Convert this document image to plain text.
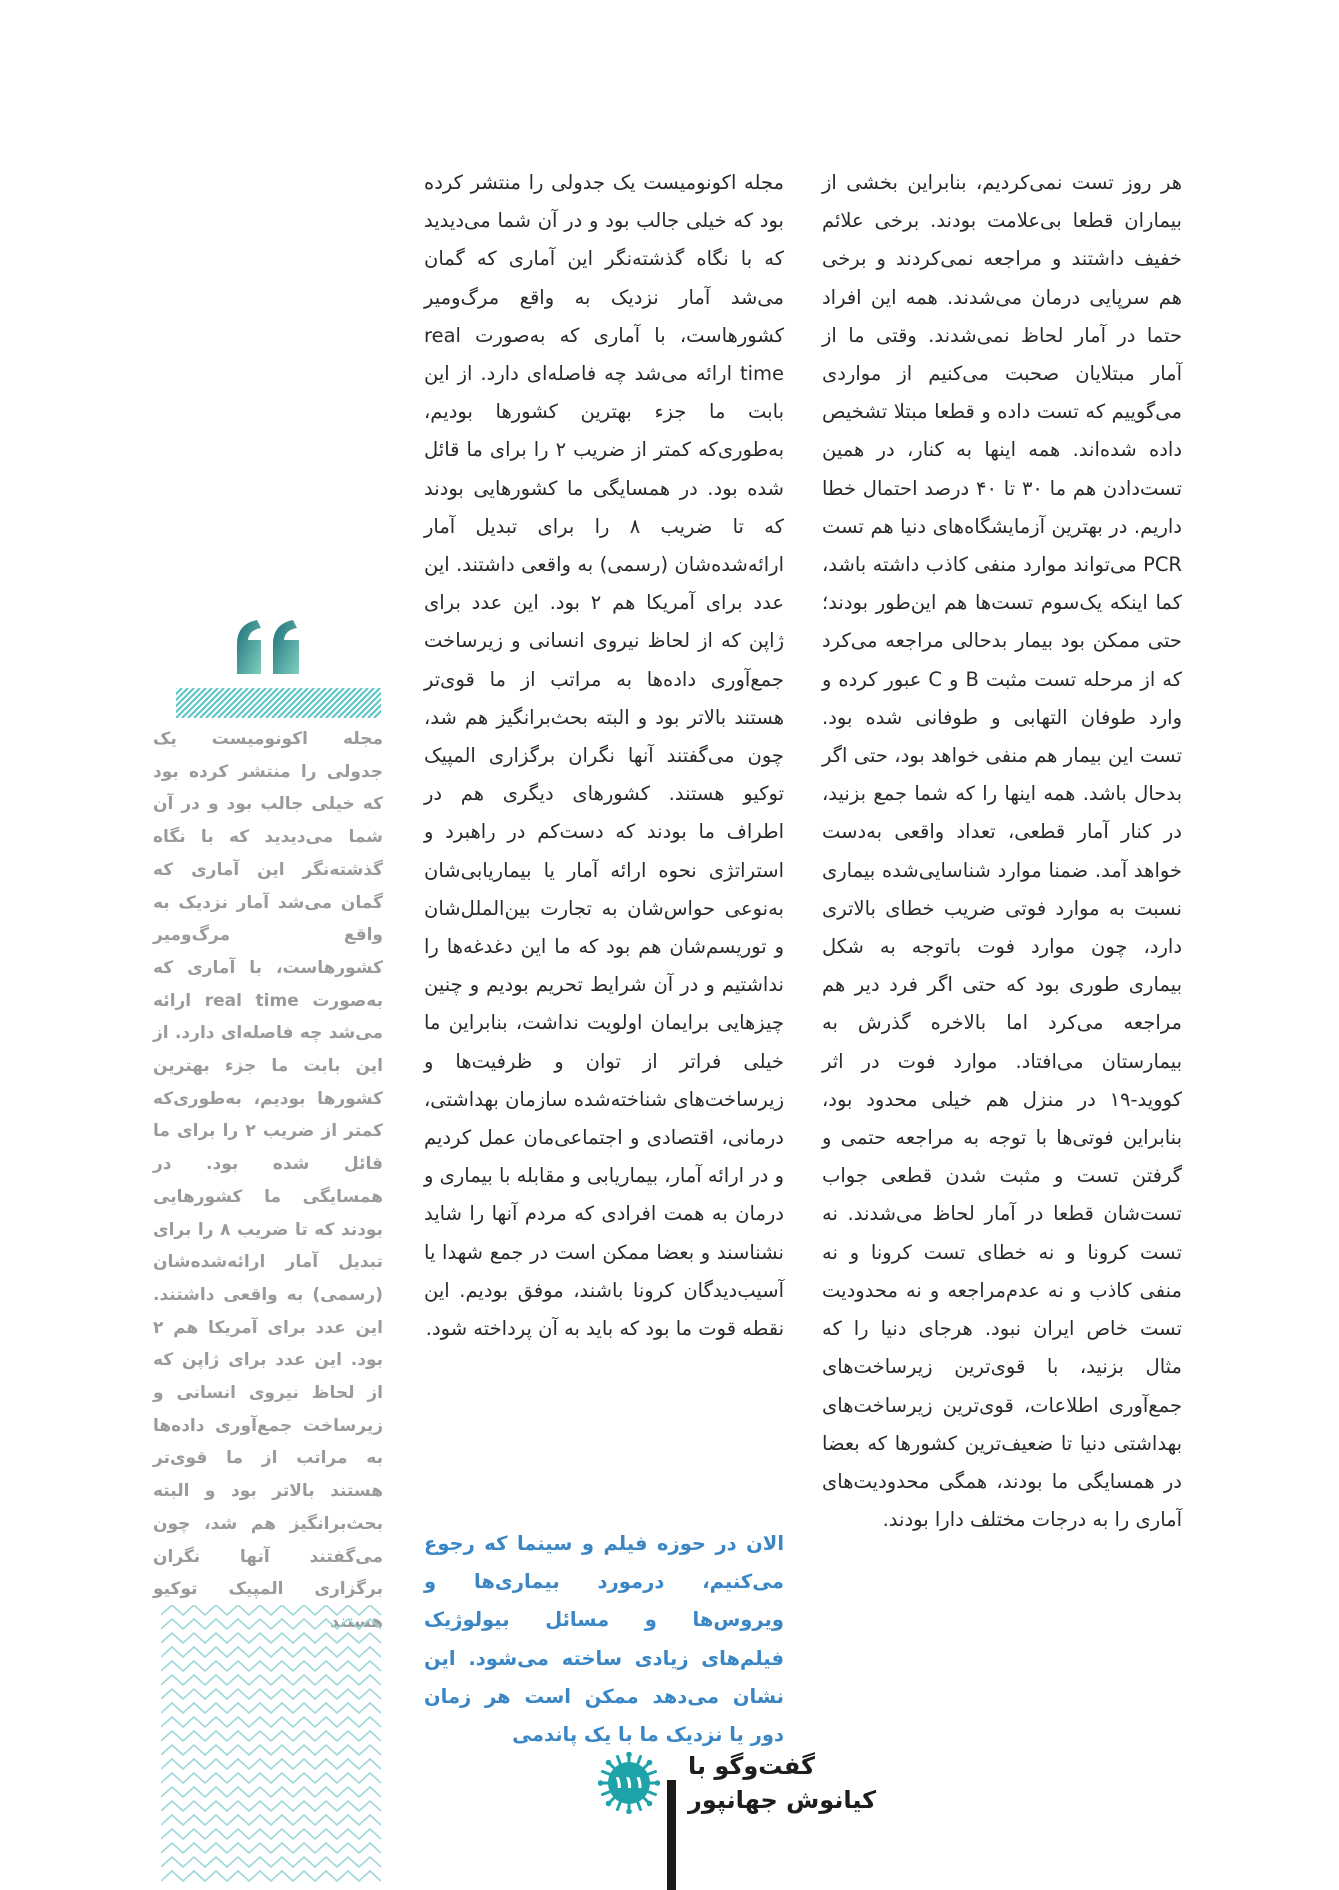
هر روز تست نمی‌کردیم، بنابراین بخشی از بیماران قطعا بی‌علامت بودند. برخی علائم خفیف داشتند و مراجعه نمی‌کردند و برخی هم سرپایی درمان می‌شدند. همه این افراد حتما در آمار لحاظ نمی‌شدند. وقتی ما از آمار مبتلایان صحبت می‌کنیم از مواردی می‌گوییم که تست داده و قطعا مبتلا تشخیص داده شده‌اند. همه اینها به کنار، در همین تست‌دادن هم ما ۳۰ تا ۴۰ درصد احتمال خطا داریم. در بهترین آزمایشگاه‌های دنیا هم تست PCR می‌تواند موارد منفی کاذب داشته باشد، کما اینکه یک‌سوم تست‌ها هم این‌طور بودند؛ حتی ممکن بود بیمار بدحالی مراجعه می‌کرد که از مرحله تست مثبت B و C عبور کرده و وارد طوفان التهابی و طوفانی شده بود. تست این بیمار هم منفی خواهد بود، حتی اگر بدحال باشد. همه اینها را که شما جمع بزنید، در کنار آمار قطعی، تعداد واقعی به‌دست خواهد آمد. ضمنا موارد شناسایی‌شده بیماری نسبت به موارد فوتی ضریب خطای بالاتری دارد، چون موارد فوت باتوجه به شکل بیماری طوری بود که حتی اگر فرد دیر هم مراجعه می‌کرد اما بالاخره گذرش به بیمارستان می‌افتاد. موارد فوت در اثر کووید-۱۹ در منزل هم خیلی محدود بود، بنابراین فوتی‌ها با توجه به مراجعه حتمی و گرفتن تست و مثبت شدن قطعی جواب تست‌شان قطعا در آمار لحاظ می‌شدند. نه تست کرونا و نه خطای تست کرونا و نه منفی کاذب و نه عدم‌مراجعه و نه محدودیت تست خاص ایران نبود. هرجای دنیا را که مثال بزنید، با قوی‌ترین زیرساخت‌های جمع‌آوری اطلاعات، قوی‌ترین زیرساخت‌های بهداشتی دنیا تا ضعیف‌ترین کشورها که بعضا در همسایگی ما بودند، همگی محدودیت‌های آماری را به درجات مختلف دارا بودند.

مجله اکونومیست یک جدولی را منتشر کرده بود که خیلی جالب بود و در آن شما می‌دیدید که با نگاه گذشته‌نگر این آماری که گمان می‌شد آمار نزدیک به واقع مرگ‌ومیر کشورهاست، با آماری که به‌صورت real time ارائه می‌شد چه فاصله‌ای دارد. از این بابت ما جزء بهترین کشورها بودیم، به‌طوری‌که کمتر از ضریب ۲ را برای ما قائل شده بود. در همسایگی ما کشورهایی بودند که تا ضریب ۸ را برای تبدیل آمار ارائه‌شده‌شان (رسمی) به واقعی داشتند. این عدد برای آمریکا هم ۲ بود. این عدد برای ژاپن که از لحاظ نیروی انسانی و زیرساخت جمع‌آوری داده‌ها به مراتب از ما قوی‌تر هستند بالاتر بود و البته بحث‌برانگیز هم شد، چون می‌گفتند آنها نگران برگزاری المپیک توکیو هستند. کشورهای دیگری هم در اطراف ما بودند که دست‌کم در راهبرد و استراتژی نحوه ارائه آمار یا بیماریابی‌شان به‌نوعی حواس‌شان به تجارت بین‌الملل‌شان و توریسم‌شان هم بود که ما این دغدغه‌ها را نداشتیم و در آن شرایط تحریم بودیم و چنین چیزهایی برایمان اولویت نداشت، بنابراین ما خیلی فراتر از توان و ظرفیت‌ها و زیرساخت‌های شناخته‌شده سازمان بهداشتی، درمانی، اقتصادی و اجتماعی‌مان عمل کردیم و در ارائه آمار، بیماریابی و مقابله با بیماری و درمان به همت افرادی که مردم آنها را شاید نشناسند و بعضا ممکن است در جمع شهدا یا آسیب‌دیدگان کرونا باشند، موفق بودیم. این نقطه قوت ما بود که باید به آن پرداخته شود.

الان در حوزه فیلم و سینما که رجوع می‌کنیم، درمورد بیماری‌ها و ویروس‌ها و مسائل بیولوژیک فیلم‌های زیادی ساخته می‌شود. این نشان می‌دهد ممکن است هر زمان دور یا نزدیک ما با یک پاندمی

مجله اکونومیست یک جدولی را منتشر کرده بود که خیلی جالب بود و در آن شما می‌دیدید که با نگاه گذشته‌نگر این آماری که گمان می‌شد آمار نزدیک به واقع مرگ‌ومیر کشورهاست، با آماری که به‌صورت real time ارائه می‌شد چه فاصله‌ای دارد. از این بابت ما جزء بهترین کشورها بودیم، به‌طوری‌که کمتر از ضریب ۲ را برای ما قائل شده بود. در همسایگی ما کشورهایی بودند که تا ضریب ۸ را برای تبدیل آمار ارائه‌شده‌شان (رسمی) به واقعی داشتند. این عدد برای آمریکا هم ۲ بود. این عدد برای ژاپن که از لحاظ نیروی انسانی و زیرساخت جمع‌آوری داده‌ها به مراتب از ما قوی‌تر هستند بالاتر بود و البته بحث‌برانگیز هم شد، چون می‌گفتند آنها نگران برگزاری المپیک توکیو هستند

۱۱۱

گفت‌وگو با

کیانوش جهانپور
